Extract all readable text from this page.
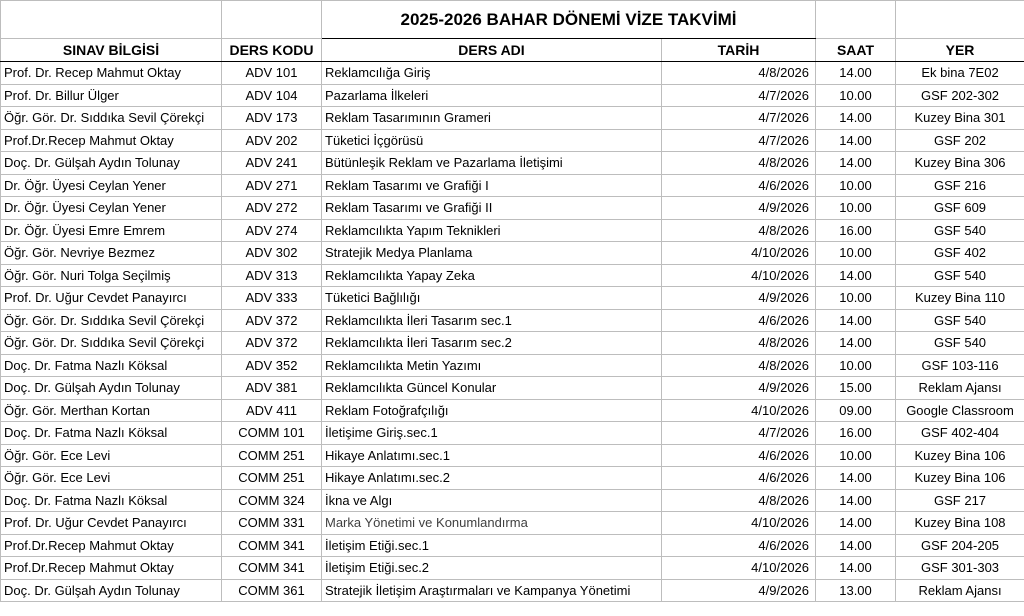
		2025-2026 BAHAR DÖNEMİ VİZE TAKVİMİ			
SINAV BİLGİSİ	DERS KODU	DERS ADI	TARİH	SAAT	YER
Prof. Dr. Recep Mahmut Oktay	ADV 101	Reklamcılığa Giriş	4/8/2026	14.00	Ek bina 7E02
Prof. Dr. Billur Ülger	ADV 104	Pazarlama İlkeleri	4/7/2026	10.00	GSF 202-302
Öğr. Gör. Dr. Sıddıka Sevil Çörekçi	ADV 173	Reklam Tasarımının Grameri	4/7/2026	14.00	Kuzey Bina 301
Prof.Dr.Recep Mahmut Oktay	ADV 202	Tüketici İçgörüsü	4/7/2026	14.00	GSF 202
Doç. Dr. Gülşah Aydın Tolunay	ADV 241	Bütünleşik Reklam ve Pazarlama İletişimi	4/8/2026	14.00	Kuzey Bina 306
Dr. Öğr. Üyesi Ceylan Yener	ADV 271	Reklam Tasarımı ve Grafiği I	4/6/2026	10.00	GSF 216
Dr. Öğr. Üyesi Ceylan Yener	ADV 272	Reklam Tasarımı ve Grafiği II	4/9/2026	10.00	GSF 609
Dr. Öğr. Üyesi Emre Emrem	ADV 274	Reklamcılıkta Yapım Teknikleri	4/8/2026	16.00	GSF 540
Öğr. Gör. Nevriye Bezmez	ADV 302	Stratejik Medya Planlama	4/10/2026	10.00	GSF 402
Öğr. Gör. Nuri Tolga Seçilmiş	ADV 313	Reklamcılıkta Yapay Zeka	4/10/2026	14.00	GSF 540
Prof. Dr. Uğur Cevdet Panayırcı	ADV 333	Tüketici Bağlılığı	4/9/2026	10.00	Kuzey Bina 110
Öğr. Gör. Dr. Sıddıka Sevil Çörekçi	ADV 372	Reklamcılıkta İleri Tasarım sec.1	4/6/2026	14.00	GSF 540
Öğr. Gör. Dr. Sıddıka Sevil Çörekçi	ADV 372	Reklamcılıkta İleri Tasarım sec.2	4/8/2026	14.00	GSF 540
Doç. Dr. Fatma Nazlı Köksal	ADV 352	Reklamcılıkta Metin Yazımı	4/8/2026	10.00	GSF 103-116
Doç. Dr. Gülşah Aydın Tolunay	ADV 381	Reklamcılıkta Güncel Konular	4/9/2026	15.00	Reklam Ajansı
Öğr. Gör. Merthan Kortan	ADV 411	Reklam Fotoğrafçılığı	4/10/2026	09.00	Google Classroom
Doç. Dr. Fatma Nazlı Köksal	COMM 101	İletişime Giriş.sec.1	4/7/2026	16.00	GSF 402-404
Öğr. Gör. Ece Levi	COMM 251	Hikaye Anlatımı.sec.1	4/6/2026	10.00	Kuzey Bina 106
Öğr. Gör. Ece Levi	COMM 251	Hikaye Anlatımı.sec.2	4/6/2026	14.00	Kuzey Bina 106
Doç. Dr. Fatma Nazlı Köksal	COMM 324	İkna ve Algı	4/8/2026	14.00	GSF 217
Prof. Dr. Uğur Cevdet Panayırcı	COMM 331	Marka Yönetimi ve Konumlandırma	4/10/2026	14.00	Kuzey Bina 108
Prof.Dr.Recep Mahmut Oktay	COMM 341	İletişim Etiği.sec.1	4/6/2026	14.00	GSF 204-205
Prof.Dr.Recep Mahmut Oktay	COMM 341	İletişim Etiği.sec.2	4/10/2026	14.00	GSF 301-303
Doç. Dr. Gülşah Aydın Tolunay	COMM 361	Stratejik İletişim Araştırmaları ve Kampanya Yönetimi	4/9/2026	13.00	Reklam Ajansı
